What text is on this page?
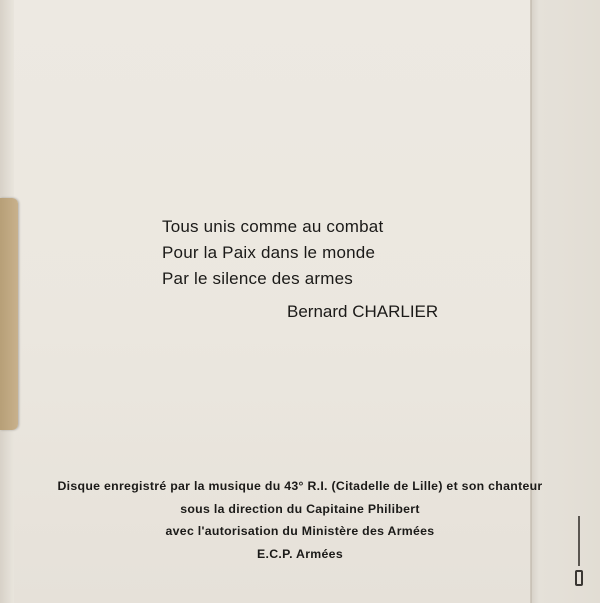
Tous unis comme au combat
Pour la Paix dans le monde
Par le silence des armes
Bernard CHARLIER
Disque enregistré par la musique du 43° R.I. (Citadelle de Lille) et son chanteur
sous la direction du Capitaine Philibert
avec l'autorisation du Ministère des Armées
E.C.P. Armées
